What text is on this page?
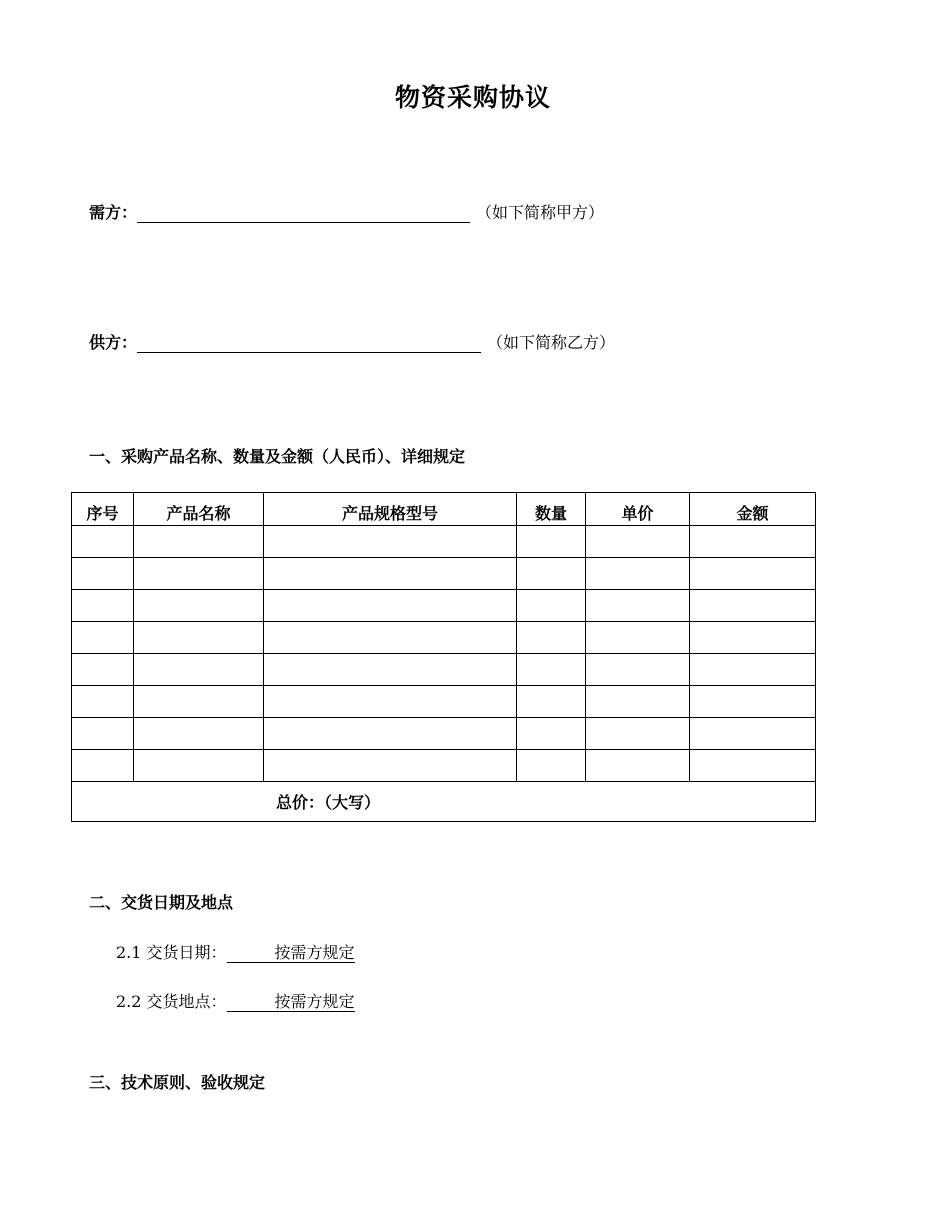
物资采购协议
需方：	（如下简称甲方）
供方：	（如下简称乙方）
一、采购产品名称、数量及金额（人民币）、详细规定
序号	产品名称	产品规格型号	数量	单价	金额

总价：（大写）					
二、交货日期及地点
2.1 交货日期：	按需方规定
2.2 交货地点：	按需方规定
三、技术原则、验收规定
